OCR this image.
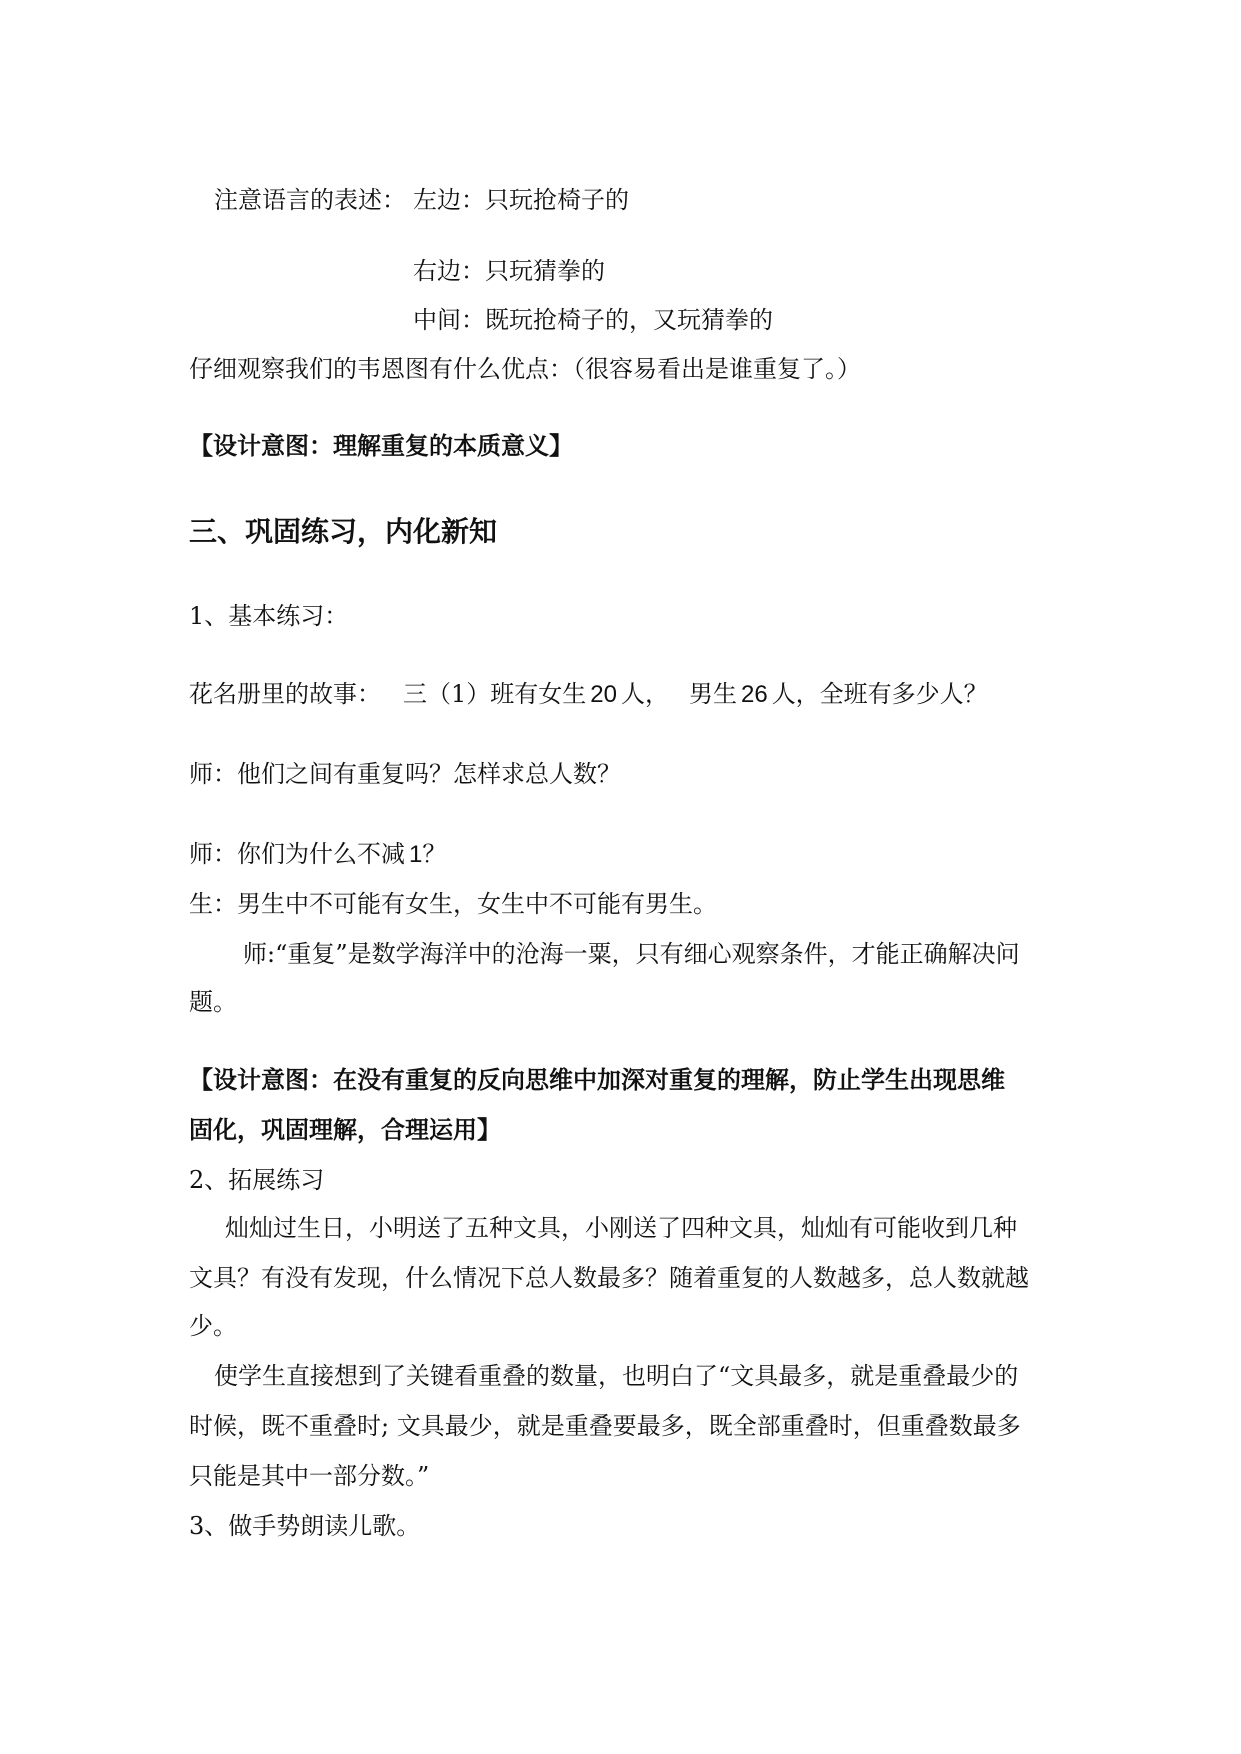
注意语言的表述： 左边：只玩抢椅子的
右边：只玩猜拳的
中间：既玩抢椅子的，又玩猜拳的
仔细观察我们的韦恩图有什么优点：（很容易看出是谁重复了。）
【设计意图：理解重复的本质意义】
三、巩固练习，内化新知
1、基本练习：
花名册里的故事： 三（1）班有女生 20 人， 男生 26 人，全班有多少人？
师：他们之间有重复吗？怎样求总人数？
师：你们为什么不减 1？
生：男生中不可能有女生，女生中不可能有男生。
师:“重复”是数学海洋中的沧海一粟，只有细心观察条件，才能正确解决问
题。
【设计意图：在没有重复的反向思维中加深对重复的理解，防止学生出现思维
固化，巩固理解，合理运用】
2、拓展练习
灿灿过生日，小明送了五种文具，小刚送了四种文具，灿灿有可能收到几种
文具？有没有发现，什么情况下总人数最多？随着重复的人数越多，总人数就越
少。
使学生直接想到了关键看重叠的数量，也明白了“文具最多，就是重叠最少的
时候，既不重叠时; 文具最少，就是重叠要最多，既全部重叠时，但重叠数最多
只能是其中一部分数。”
3、做手势朗读儿歌。
